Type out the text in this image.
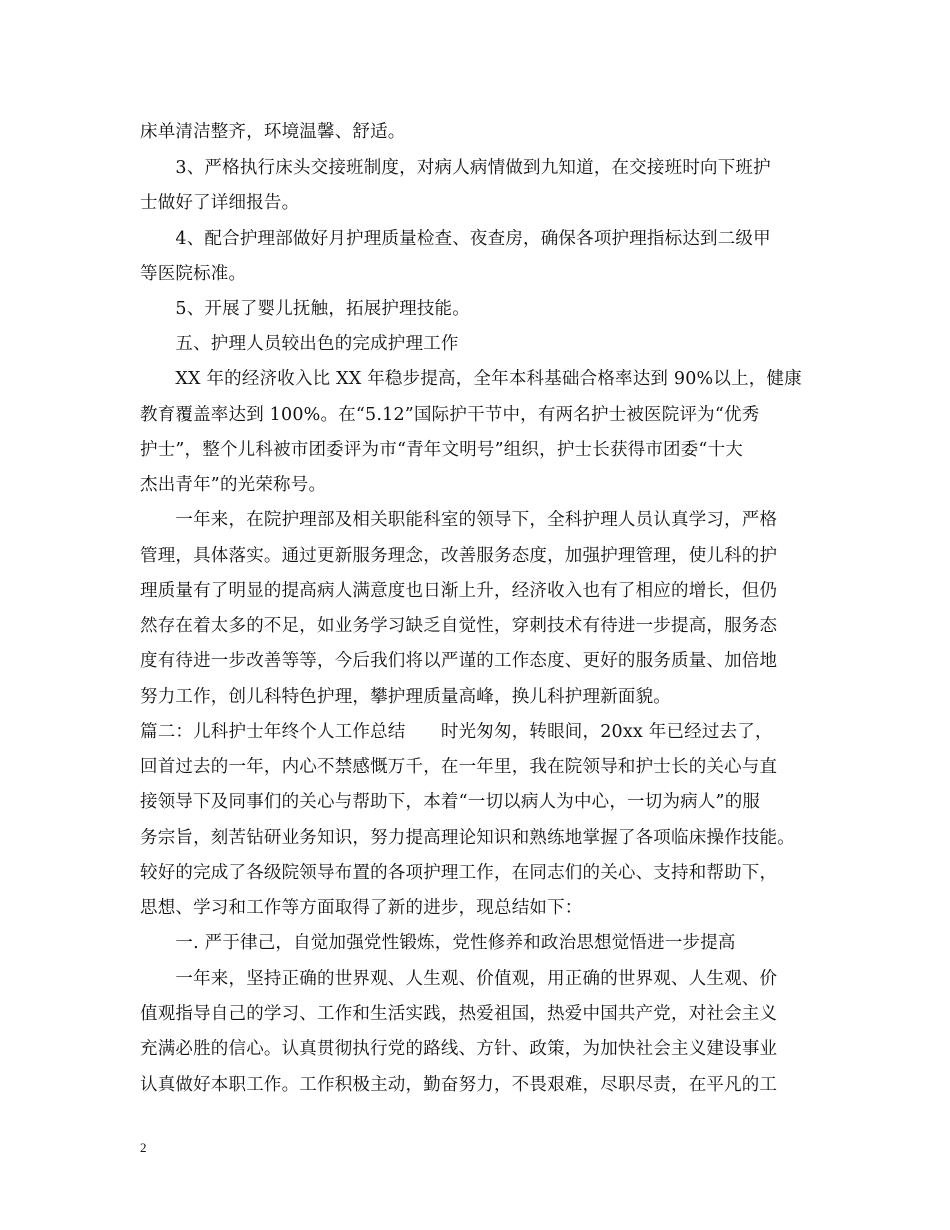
床单清洁整齐，环境温馨、舒适。
　　3、严格执行床头交接班制度，对病人病情做到九知道，在交接班时向下班护
士做好了详细报告。
　　4、配合护理部做好月护理质量检查、夜查房，确保各项护理指标达到二级甲
等医院标准。
　　5、开展了婴儿抚触，拓展护理技能。
　　五、护理人员较出色的完成护理工作
　　XX 年的经济收入比 XX 年稳步提高，全年本科基础合格率达到 90%以上，健康
教育覆盖率达到 100%。在“5.12”国际护干节中，有两名护士被医院评为“优秀
护士”，整个儿科被市团委评为市“青年文明号”组织，护士长获得市团委“十大
杰出青年”的光荣称号。
　　一年来，在院护理部及相关职能科室的领导下，全科护理人员认真学习，严格
管理，具体落实。通过更新服务理念，改善服务态度，加强护理管理，使儿科的护
理质量有了明显的提高病人满意度也日渐上升，经济收入也有了相应的增长，但仍
然存在着太多的不足，如业务学习缺乏自觉性，穿刺技术有待进一步提高，服务态
度有待进一步改善等等，今后我们将以严谨的工作态度、更好的服务质量、加倍地
努力工作，创儿科特色护理，攀护理质量高峰，换儿科护理新面貌。
篇二：儿科护士年终个人工作总结　　时光匆匆，转眼间，20xx 年已经过去了，
回首过去的一年，内心不禁感慨万千，在一年里，我在院领导和护士长的关心与直
接领导下及同事们的关心与帮助下，本着“一切以病人为中心，一切为病人”的服
务宗旨，刻苦钻研业务知识，努力提高理论知识和熟练地掌握了各项临床操作技能。
较好的完成了各级院领导布置的各项护理工作，在同志们的关心、支持和帮助下，
思想、学习和工作等方面取得了新的进步，现总结如下：
　　一. 严于律己，自觉加强党性锻炼，党性修养和政治思想觉悟进一步提高
　　一年来，坚持正确的世界观、人生观、价值观，用正确的世界观、人生观、价
值观指导自己的学习、工作和生活实践，热爱祖国，热爱中国共产党，对社会主义
充满必胜的信心。认真贯彻执行党的路线、方针、政策，为加快社会主义建设事业
认真做好本职工作。工作积极主动，勤奋努力，不畏艰难，尽职尽责，在平凡的工
2
